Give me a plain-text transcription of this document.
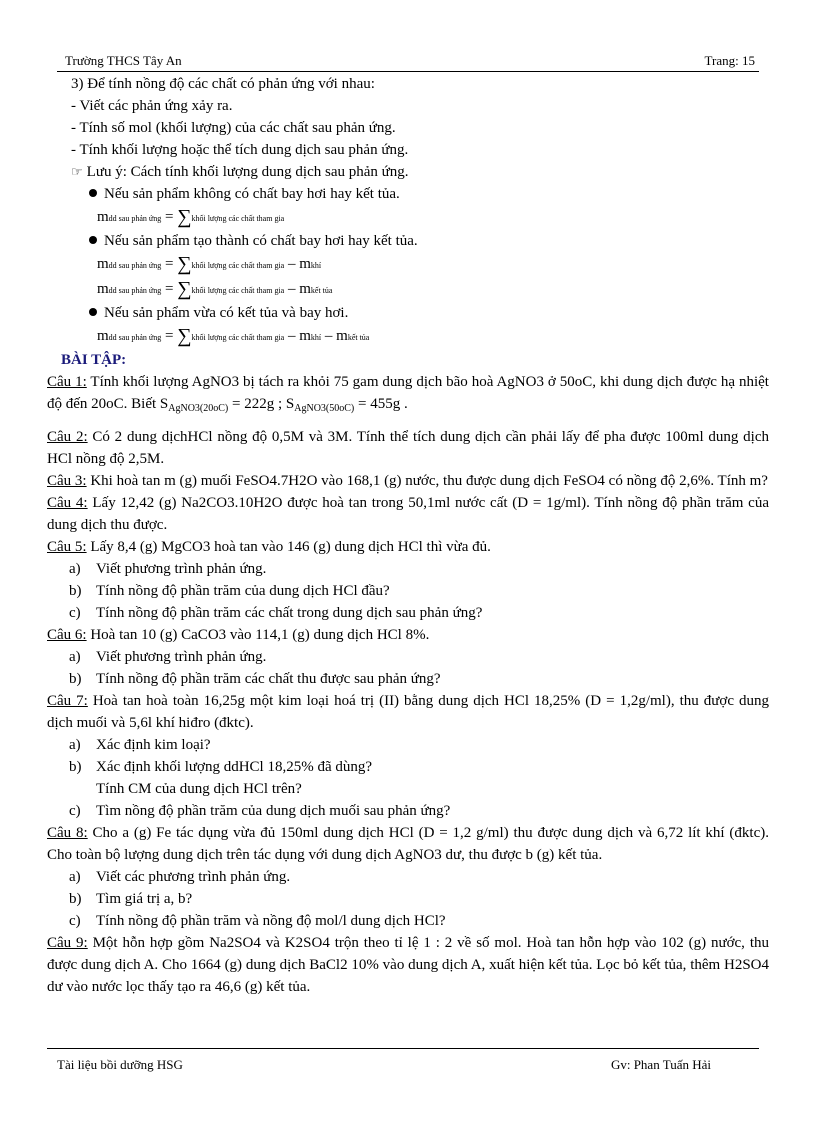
Trường THCS Tây An	Trang: 15
3) Để tính nồng độ các chất có phản ứng với nhau:
- Viết các phản ứng xảy ra.
- Tính số mol (khối lượng) của các chất sau phản ứng.
- Tính khối lượng hoặc thể tích dung dịch sau phản ứng.
☞ Lưu ý: Cách tính khối lượng dung dịch sau phản ứng.
Nếu sản phẩm không có chất bay hơi hay kết tủa.
mdd sau phản ứng = ∑khối lượng các chất tham gia
Nếu sản phẩm tạo thành có chất bay hơi hay kết tủa.
mdd sau phản ứng = ∑khối lượng các chất tham gia – mkhí
mdd sau phản ứng = ∑khối lượng các chất tham gia – mkết tủa
Nếu sản phẩm vừa có kết tủa và bay hơi.
mdd sau phản ứng = ∑khối lượng các chất tham gia – mkhí – mkết tủa
BÀI TẬP:
Câu 1: Tính khối lượng AgNO3 bị tách ra khỏi 75 gam dung dịch bão hoà AgNO3 ở 50oC, khi dung dịch được hạ nhiệt độ đến 20oC. Biết $S_{AgNO3(20oC)} = 222g$ ; $S_{AgNO3(50oC)} = 455g$ .
Câu 2: Có 2 dung dịchHCl nồng độ 0,5M và 3M. Tính thể tích dung dịch cần phải lấy để pha được 100ml dung dịch HCl nồng độ 2,5M.
Câu 3: Khi hoà tan m (g) muối FeSO4.7H2O vào 168,1 (g) nước, thu được dung dịch FeSO4 có nồng độ 2,6%. Tính m?
Câu 4: Lấy 12,42 (g) Na2CO3.10H2O được hoà tan trong 50,1ml nước cất (D = 1g/ml). Tính nồng độ phần trăm của dung dịch thu được.
Câu 5: Lấy 8,4 (g) MgCO3 hoà tan vào 146 (g) dung dịch HCl thì vừa đủ.
a) Viết phương trình phản ứng.
b) Tính nồng độ phần trăm của dung dịch HCl đầu?
c) Tính nồng độ phần trăm các chất trong dung dịch sau phản ứng?
Câu 6: Hoà tan 10 (g) CaCO3 vào 114,1 (g) dung dịch HCl 8%.
a) Viết phương trình phản ứng.
b) Tính nồng độ phần trăm các chất thu được sau phản ứng?
Câu 7: Hoà tan hoà toàn 16,25g một kim loại hoá trị (II) bằng dung dịch HCl 18,25% (D = 1,2g/ml), thu được dung dịch muối và 5,6l khí hiđro (đktc).
a) Xác định kim loại?
b) Xác định khối lượng ddHCl 18,25% đã dùng?
Tính CM của dung dịch HCl trên?
c) Tìm nồng độ phần trăm của dung dịch muối sau phản ứng?
Câu 8: Cho a (g) Fe tác dụng vừa đủ 150ml dung dịch HCl (D = 1,2 g/ml) thu được dung dịch và 6,72 lít khí (đktc). Cho toàn bộ lượng dung dịch trên tác dụng với dung dịch AgNO3 dư, thu được b (g) kết tủa.
a) Viết các phương trình phản ứng.
b) Tìm giá trị a, b?
c) Tính nồng độ phần trăm và nồng độ mol/l dung dịch HCl?
Câu 9: Một hỗn hợp gồm Na2SO4 và K2SO4 trộn theo tỉ lệ 1 : 2 về số mol. Hoà tan hỗn hợp vào 102 (g) nước, thu được dung dịch A. Cho 1664 (g) dung dịch BaCl2 10% vào dung dịch A, xuất hiện kết tủa. Lọc bỏ kết tủa, thêm H2SO4 dư vào nước lọc thấy tạo ra 46,6 (g) kết tủa.
Tài liệu bồi dưỡng HSG	Gv: Phan Tuấn Hải
